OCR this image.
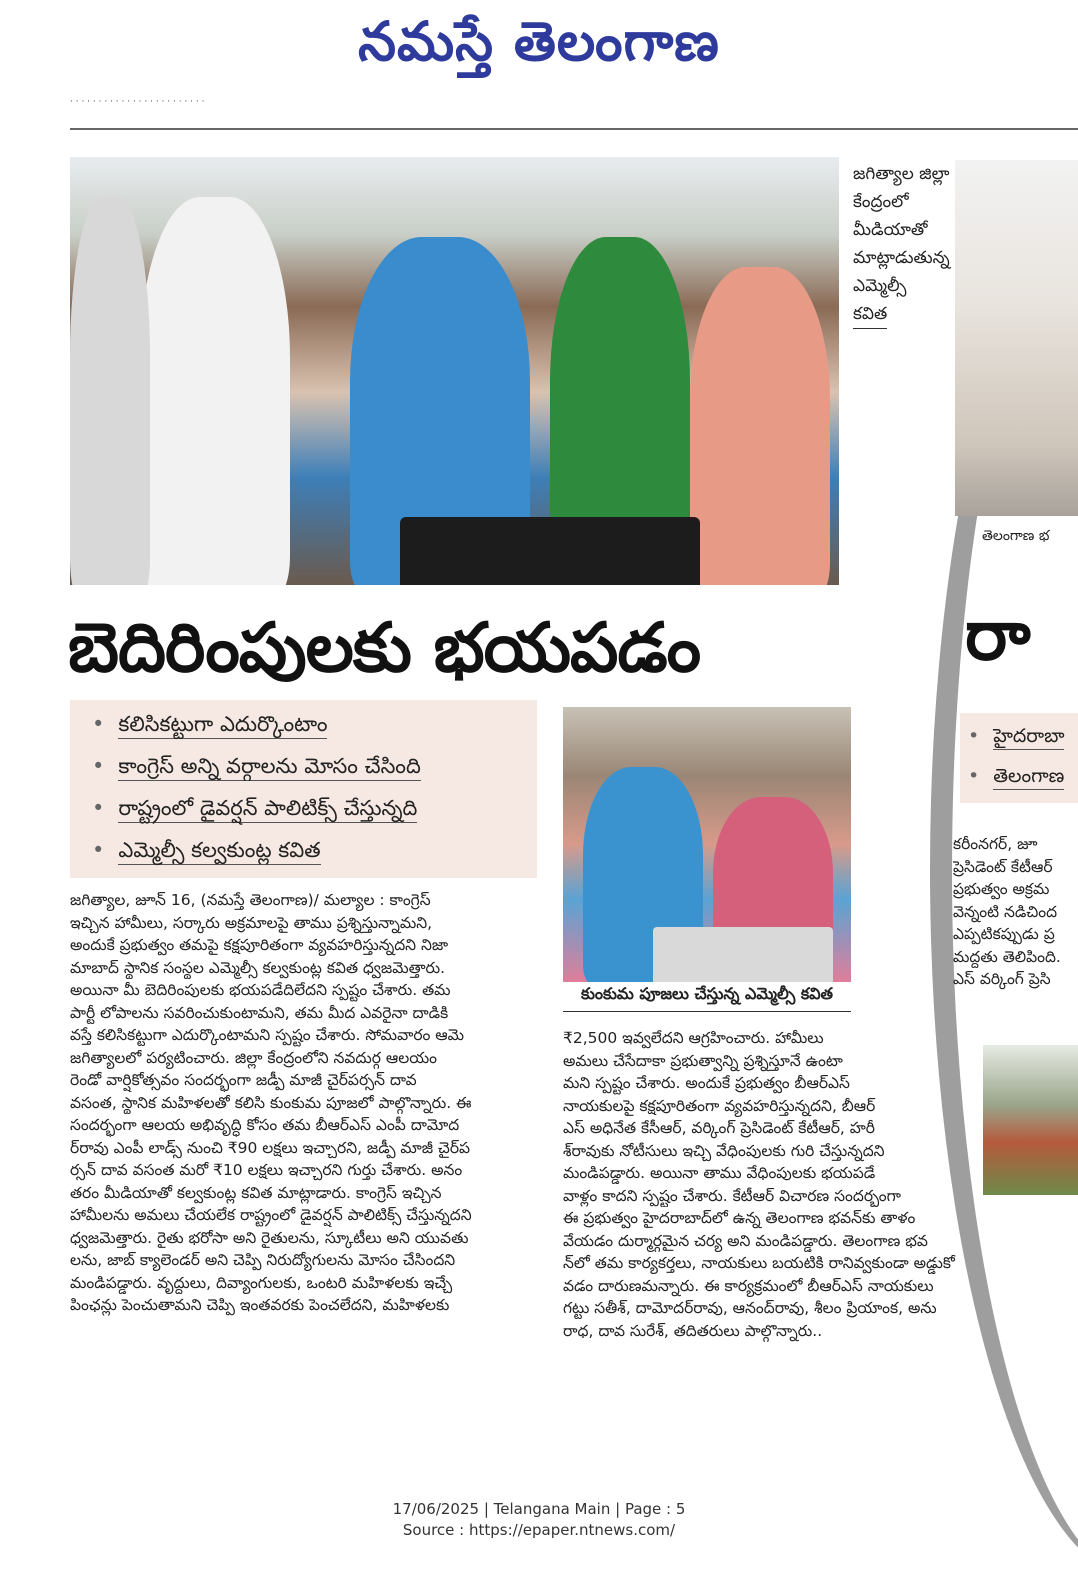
నమస్తే తెలంగాణ
· · · · · · · · · · · · · · · · · · · · · · · ·
జగిత్యాల జిల్లా
కేంద్రంలో
మీడియాతో
మాట్లాడుతున్న
ఎమ్మెల్సీ
కవిత
తెలంగాణ భ
బెదిరింపులకు భయపడం	రా
• కలిసికట్టుగా ఎదుర్కొంటాం
• కాంగ్రెస్ అన్ని వర్గాలను మోసం చేసింది
• రాష్ట్రంలో డైవర్షన్ పాలిటిక్స్ చేస్తున్నది
• ఎమ్మెల్సీ కల్వకుంట్ల కవిత
• హైదరాబా
• తెలంగాణ
కుంకుమ పూజలు చేస్తున్న ఎమ్మెల్సీ కవిత

జగిత్యాల, జూన్ 16, (నమస్తే తెలంగాణ)/ మల్యాల : కాంగ్రెస్

ఇచ్చిన హామీలు, సర్కారు అక్రమాలపై తాము ప్రశ్నిస్తున్నామని,

అందుకే ప్రభుత్వం తమపై కక్షపూరితంగా వ్యవహరిస్తున్నదని నిజా

మాబాద్ స్థానిక సంస్థల ఎమ్మెల్సీ కల్వకుంట్ల కవిత ధ్వజమెత్తారు.

అయినా మీ బెదిరింపులకు భయపడేదిలేదని స్పష్టం చేశారు. తమ

పార్టీ లోపాలను సవరించుకుంటామని, తమ మీద ఎవరైనా దాడికి

వస్తే కలిసికట్టుగా ఎదుర్కొంటామని స్పష్టం చేశారు. సోమవారం ఆమె

జగిత్యాలలో పర్యటించారు. జిల్లా కేంద్రంలోని నవదుర్గ ఆలయం

రెండో వార్షికోత్సవం సందర్భంగా జడ్పీ మాజీ చైర్‌పర్సన్ దావ

వసంత, స్థానిక మహిళలతో కలిసి కుంకుమ పూజలో పాల్గొన్నారు. ఈ

సందర్భంగా ఆలయ అభివృద్ధి కోసం తమ బీఆర్‌ఎస్ ఎంపీ దామోద

ర్‌రావు ఎంపీ లాడ్స్ నుంచి ₹90 లక్షలు ఇచ్చారని, జడ్పీ మాజీ చైర్‌ప

ర్సన్ దావ వసంత మరో ₹10 లక్షలు ఇచ్చారని గుర్తు చేశారు. అనం

తరం మీడియాతో కల్వకుంట్ల కవిత మాట్లాడారు. కాంగ్రెస్ ఇచ్చిన

హామీలను అమలు చేయలేక రాష్ట్రంలో డైవర్షన్ పాలిటిక్స్ చేస్తున్నదని

ధ్వజమెత్తారు. రైతు భరోసా అని రైతులను, స్కూటీలు అని యువతు

లను, జాబ్ క్యాలెండర్ అని చెప్పి నిరుద్యోగులను మోసం చేసిందని

మండిపడ్డారు. వృద్ధులు, దివ్యాంగులకు, ఒంటరి మహిళలకు ఇచ్చే

పింఛన్లు పెంచుతామని చెప్పి ఇంతవరకు పెంచలేదని, మహిళలకు

₹2,500 ఇవ్వలేదని ఆగ్రహించారు. హామీలు

అమలు చేసేదాకా ప్రభుత్వాన్ని ప్రశ్నిస్తూనే ఉంటా

మని స్పష్టం చేశారు. అందుకే ప్రభుత్వం బీఆర్‌ఎస్

నాయకులపై కక్షపూరితంగా వ్యవహరిస్తున్నదని, బీఆర్

ఎస్ అధినేత కేసీఆర్, వర్కింగ్ ప్రెసిడెంట్ కేటీఆర్, హరీ

శ్‌రావుకు నోటీసులు ఇచ్చి వేధింపులకు గురి చేస్తున్నదని

మండిపడ్డారు. అయినా తాము వేధింపులకు భయపడే

వాళ్లం కాదని స్పష్టం చేశారు. కేటీఆర్ విచారణ సందర్భంగా

ఈ ప్రభుత్వం హైదరాబాద్‌లో ఉన్న తెలంగాణ భవన్‌కు తాళం

వేయడం దుర్మార్గమైన చర్య అని మండిపడ్డారు. తెలంగాణ భవ

న్‌లో తమ కార్యకర్తలు, నాయకులు బయటికి రానివ్వకుండా అడ్డుకో

వడం దారుణమన్నారు. ఈ కార్యక్రమంలో బీఆర్‌ఎస్ నాయకులు

గట్టు సతీశ్, దామోదర్‌రావు, ఆనంద్‌రావు, శీలం ప్రియాంక, అను

రాధ, దావ సురేశ్, తదితరులు పాల్గొన్నారు..

కరీంనగర్, జూ

ప్రెసిడెంట్ కేటీఆర్

ప్రభుత్వం అక్రమ

వెన్నంటి నడిచింద

ఎప్పటికప్పుడు ప్ర

మద్దతు తెలిపింది.

ఎస్ వర్కింగ్ ప్రెసి

17/06/2025 | Telangana Main | Page : 5
Source : https://epaper.ntnews.com/
